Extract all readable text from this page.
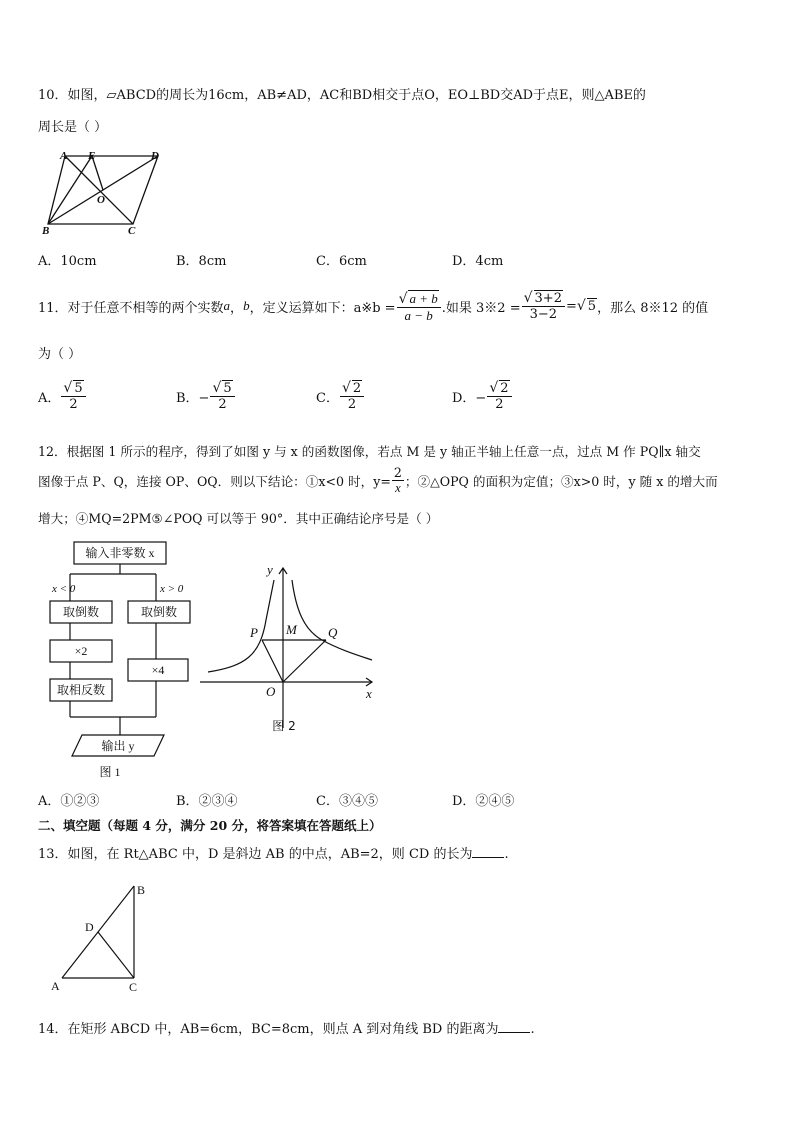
10．如图，▱ABCD的周长为16cm，AB≠AD，AC和BD相交于点O，EO⊥BD交AD于点E，则△ABE的
周长是（ ）
A E	D
O
B	C
A．10cm	B．8cm	C．6cm	D．4cm
11．对于任意不相等的两个实数 a ， b ，定义运算如下：a※b = $\frac{√ a + b}{a - b}$ .如果 3※2 = $\frac{√ 3+2}{3-2}$ = √ 5 ，那么 8※12 的值
为（ ）
A． $\frac{√ 5}{2}$	B．− $\frac{√ 5}{2}$	C． $\frac{√ 2}{2}$	D．− $\frac{√ 2}{2}$
12．根据图 1 所示的程序，得到了如图 y 与 x 的函数图像，若点 M 是 y 轴正半轴上任意一点，过点 M 作 PQ∥x 轴交
图像于点 P、Q，连接 OP、OQ．则以下结论：①x<0 时，$y= \frac{2}{x}$ ；②△OPQ 的面积为定值；③x>0 时，y 随 x 的增大而
增大；④MQ=2PM⑤∠POQ 可以等于 90°．其中正确结论序号是（ ）
输入非零数 x
x < 0	x > 0
取倒数	取倒数
×2
×4
取相反数
输出 y
图 1
y
P M Q
O	x
图 2
A．①②③	B．②③④	C．③④⑤	D．②④⑤
二、填空题（每题 4 分，满分 20 分，将答案填在答题纸上）
13．如图，在 Rt△ABC 中，D 是斜边 AB 的中点，AB=2，则 CD 的长为 .
B
D
A	C
14．在矩形 ABCD 中，AB=6cm，BC=8cm，则点 A 到对角线 BD 的距离为 .
